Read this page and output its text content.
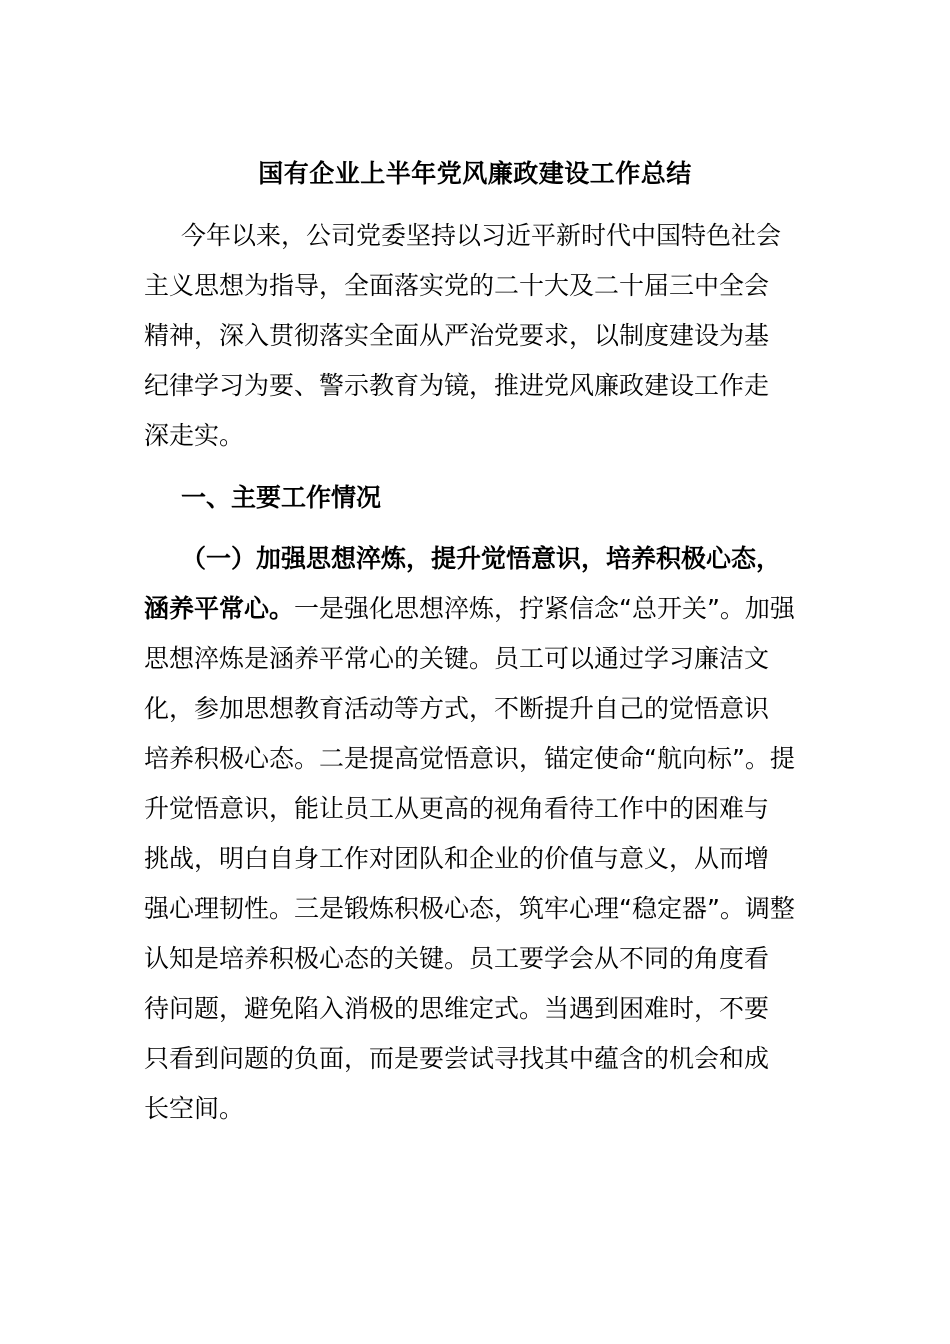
国有企业上半年党风廉政建设工作总结
今年以来，公司党委坚持以习近平新时代中国特色社会
主义思想为指导，全面落实党的二十大及二十届三中全会
精神，深入贯彻落实全面从严治党要求，以制度建设为基
纪律学习为要、警示教育为镜，推进党风廉政建设工作走
深走实。
一、主要工作情况
（一）加强思想淬炼，提升觉悟意识，培养积极心态，
涵养平常心。一是强化思想淬炼，拧紧信念“总开关”。加强
思想淬炼是涵养平常心的关键。员工可以通过学习廉洁文
化，参加思想教育活动等方式，不断提升自己的觉悟意识
培养积极心态。二是提高觉悟意识，锚定使命“航向标”。提
升觉悟意识，能让员工从更高的视角看待工作中的困难与
挑战，明白自身工作对团队和企业的价值与意义，从而增
强心理韧性。三是锻炼积极心态，筑牢心理“稳定器”。调整
认知是培养积极心态的关键。员工要学会从不同的角度看
待问题，避免陷入消极的思维定式。当遇到困难时，不要
只看到问题的负面，而是要尝试寻找其中蕴含的机会和成
长空间。
